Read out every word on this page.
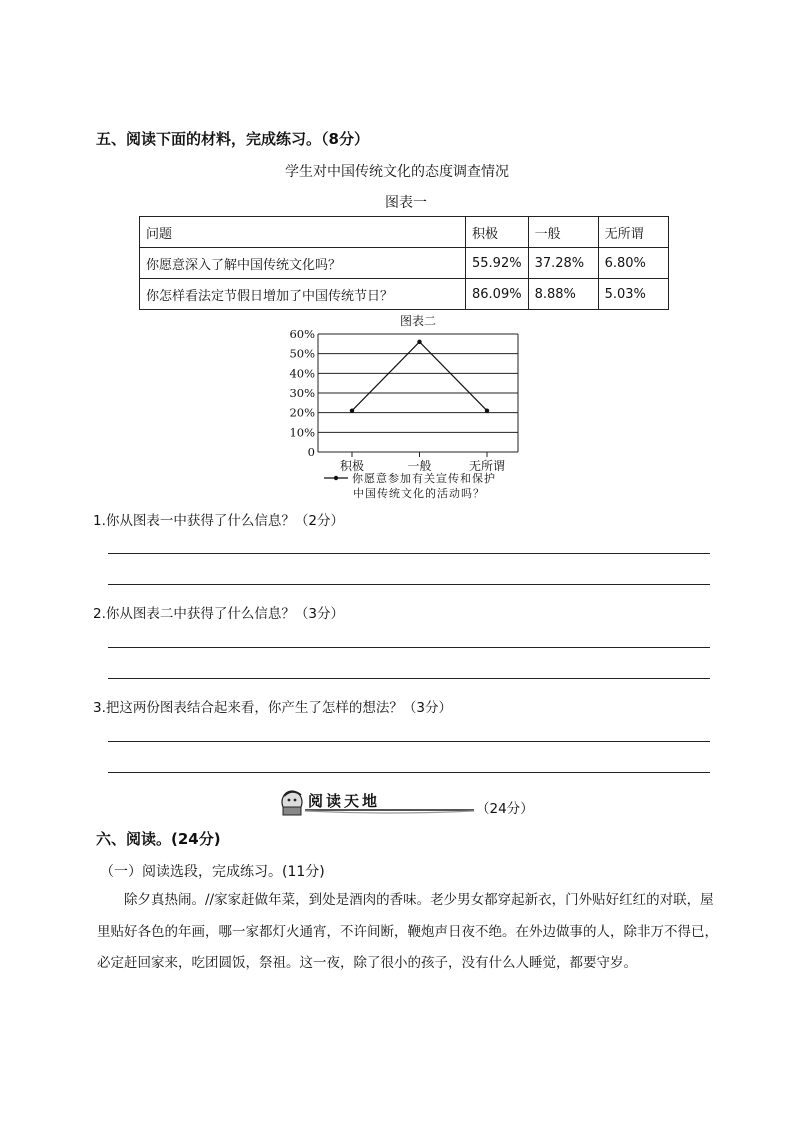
五、阅读下面的材料，完成练习。（8分）
学生对中国传统文化的态度调查情况
图表一
问题	积极	一般	无所谓
你愿意深入了解中国传统文化吗？	55.92%	37.28%	6.80%
你怎样看法定节假日增加了中国传统节日？	86.09%	8.88%	5.03%
图表二
0
10%
20%
30%
40%
50%
60%
积极	一般	无所谓
你愿意参加有关宣传和保护
中国传统文化的活动吗？
1.你从图表一中获得了什么信息？（2分）
2.你从图表二中获得了什么信息？（3分）
3.把这两份图表结合起来看，你产生了怎样的想法？（3分）
阅读天地	（24分）
六、阅读。(24分)
（一）阅读选段，完成练习。(11分)
除夕真热闹。//家家赶做年菜，到处是酒肉的香味。老少男女都穿起新衣，门外贴好红红的对联，屋里贴好各色的年画，哪一家都灯火通宵，不许间断，鞭炮声日夜不绝。在外边做事的人，除非万不得已，必定赶回家来，吃团圆饭，祭祖。这一夜，除了很小的孩子，没有什么人睡觉，都要守岁。
